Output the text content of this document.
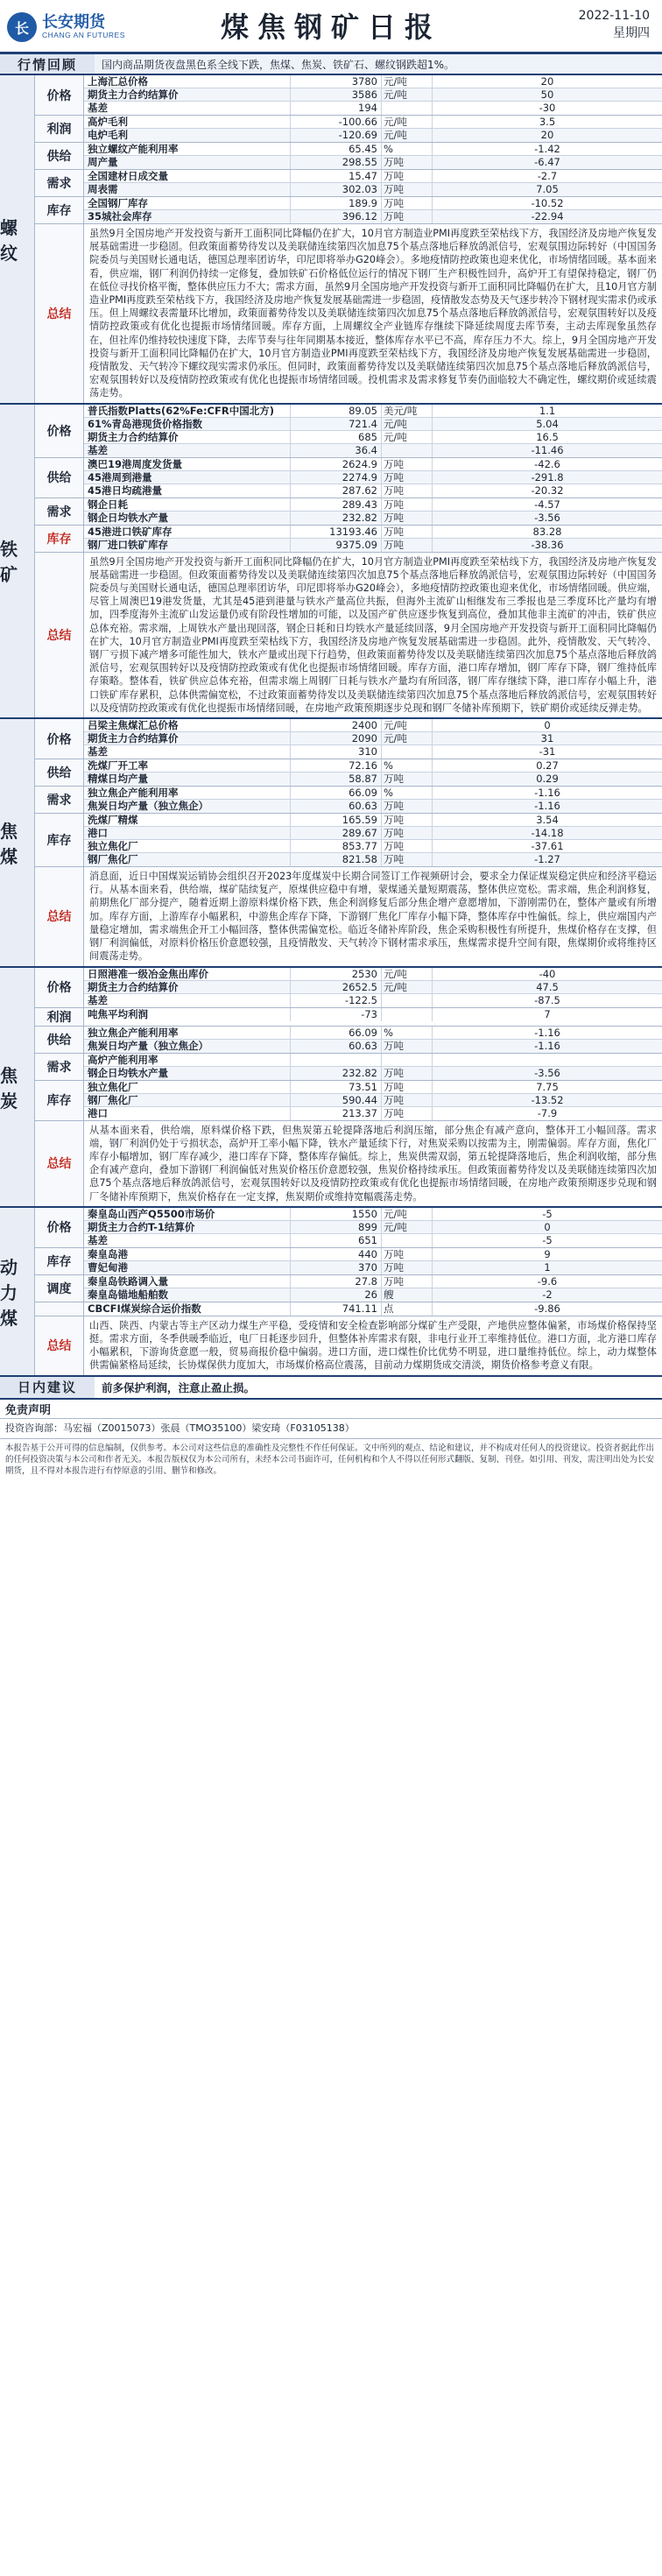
长 长安期货
CHANG AN FUTURES	煤焦钢矿日报	2022-11-10
星期四
行情回顾	国内商品期货夜盘黑色系全线下跌，焦煤、焦炭、铁矿石、螺纹钢跌超1%。
螺纹
价格
上海汇总价格	3780 元/吨	20
期货主力合约结算价	3586 元/吨	50
基差	194	-30
利润
高炉毛利	-100.66 元/吨	3.5
电炉毛利	-120.69 元/吨	20
供给
独立螺纹产能利用率	65.45 %	-1.42
周产量	298.55 万吨	-6.47
需求
全国建材日成交量	15.47 万吨	-2.7
周表需	302.03 万吨	7.05
库存
全国钢厂库存	189.9 万吨	-10.52
35城社会库存	396.12 万吨	-22.94
总结
虽然9月全国房地产开发投资与新开工面积同比降幅仍在扩大，10月官方制造业PMI再度跌至荣枯线下方，我国经济及房地产恢复发展基础需进一步稳固。但政策面蓄势待发以及美联储连续第四次加息75个基点落地后释放鸽派信号，宏观氛围边际转好（中国国务院委员与美国财长通电话，德国总理率团访华，印尼即将举办G20峰会）。多地疫情防控政策也迎来优化，市场情绪回暖。基本面来看，供应端，钢厂利润仍持续一定修复，叠加铁矿石价格低位运行的情况下钢厂生产积极性回升，高炉开工有望保持稳定，钢厂仍在低位寻找价格平衡，整体供应压力不大；需求方面，虽然9月全国房地产开发投资与新开工面积同比降幅仍在扩大，且10月官方制造业PMI再度跌至荣枯线下方，我国经济及房地产恢复发展基础需进一步稳固，疫情散发态势及天气逐步转冷下钢材现实需求仍或承压。但上周螺纹表需量环比增加，政策面蓄势待发以及美联储连续第四次加息75个基点落地后释放鸽派信号，宏观氛围转好以及疫情防控政策或有优化也提振市场情绪回暖。库存方面，上周螺纹全产业链库存继续下降延续周度去库节奏，主动去库现象虽然存在，但社库仍维持较快速度下降，去库节奏与往年同期基本接近，整体库存水平已不高，库存压力不大。综上，9月全国房地产开发投资与新开工面积同比降幅仍在扩大，10月官方制造业PMI再度跌至荣枯线下方，我国经济及房地产恢复发展基础需进一步稳固，疫情散发、天气转冷下螺纹现实需求仍承压。但同时，政策面蓄势待发以及美联储连续第四次加息75个基点落地后释放鸽派信号，宏观氛围转好以及疫情防控政策或有优化也提振市场情绪回暖。投机需求及需求修复节奏仍面临较大不确定性，螺纹期价或延续震荡走势。
铁矿
价格
普氏指数Platts(62%Fe:CFR中国北方)	89.05 美元/吨	1.1
61%青岛港现货价格指数	721.4 元/吨	5.04
期货主力合约结算价	685 元/吨	16.5
基差	36.4	-11.46
供给
澳巴19港周度发货量	2624.9 万吨	-42.6
45港周到港量	2274.9 万吨	-291.8
45港日均疏港量	287.62 万吨	-20.32
需求
钢企日耗	289.43 万吨	-4.57
钢企日均铁水产量	232.82 万吨	-3.56
库存
45港进口铁矿库存	13193.46 万吨	83.28
钢厂进口铁矿库存	9375.09 万吨	-38.36
总结
虽然9月全国房地产开发投资与新开工面积同比降幅仍在扩大，10月官方制造业PMI再度跌至荣枯线下方，我国经济及房地产恢复发展基础需进一步稳固。但政策面蓄势待发以及美联储连续第四次加息75个基点落地后释放鸽派信号，宏观氛围边际转好（中国国务院委员与美国财长通电话，德国总理率团访华，印尼即将举办G20峰会），多地疫情防控政策也迎来优化，市场情绪回暖。供应端，尽管上周澳巴19港发货量，尤其是45港到港量与铁水产量高位共振，但海外主流矿山相继发布三季报也是三季度环比产量均有增加，四季度海外主流矿山发运量仍或有阶段性增加的可能，以及国产矿供应逐步恢复到高位，叠加其他非主流矿的冲击，铁矿供应总体充裕。需求端，上周铁水产量出现回落，钢企日耗和日均铁水产量延续回落，9月全国房地产开发投资与新开工面积同比降幅仍在扩大，10月官方制造业PMI再度跌至荣枯线下方，我国经济及房地产恢复发展基础需进一步稳固。此外，疫情散发、天气转冷、钢厂亏损下减产增多可能性加大，铁水产量或出现下行趋势，但政策面蓄势待发以及美联储连续第四次加息75个基点落地后释放鸽派信号，宏观氛围转好以及疫情防控政策或有优化也提振市场情绪回暖。库存方面，港口库存增加，钢厂库存下降，钢厂维持低库存策略。整体看，铁矿供应总体充裕，但需求端上周钢厂日耗与铁水产量均有所回落，钢厂库存继续下降，港口库存小幅上升，港口铁矿库存累积，总体供需偏宽松，不过政策面蓄势待发以及美联储连续第四次加息75个基点落地后释放鸽派信号，宏观氛围转好以及疫情防控政策或有优化也提振市场情绪回暖，在房地产政策预期逐步兑现和钢厂冬储补库预期下，铁矿期价或延续反弹走势。
焦煤
价格
吕梁主焦煤汇总价格	2400 元/吨	0
期货主力合约结算价	2090 元/吨	31
基差	310	-31
供给
洗煤厂开工率	72.16 %	0.27
精煤日均产量	58.87 万吨	0.29
需求
独立焦企产能利用率	66.09 %	-1.16
焦炭日均产量（独立焦企）	60.63 万吨	-1.16
库存
洗煤厂精煤	165.59 万吨	3.54
港口	289.67 万吨	-14.18
独立焦化厂	853.77 万吨	-37.61
钢厂焦化厂	821.58 万吨	-1.27
总结
消息面，近日中国煤炭运销协会组织召开2023年度煤炭中长期合同签订工作视频研讨会，要求全力保证煤炭稳定供应和经济平稳运行。从基本面来看，供给端，煤矿陆续复产，原煤供应稳中有增，蒙煤通关量短期震荡，整体供应宽松。需求端，焦企利润修复，前期焦化厂部分提产，随着近期上游原料煤价格下跌，焦企利润修复后部分焦企增产意愿增加，下游刚需仍在，整体产量或有所增加。库存方面，上游库存小幅累积，中游焦企库存下降，下游钢厂焦化厂库存小幅下降，整体库存中性偏低。综上，供应端国内产量稳定增加，需求端焦企开工小幅回落，整体供需偏宽松。临近冬储补库阶段，焦企采购积极性有所提升，焦煤价格存在支撑，但钢厂利润偏低，对原料价格压价意愿较强，且疫情散发、天气转冷下钢材需求承压，焦煤需求提升空间有限，焦煤期价或将维持区间震荡走势。
焦炭
价格
日照港准一级冶金焦出库价	2530 元/吨	-40
期货主力合约结算价	2652.5 元/吨	47.5
基差	-122.5	-87.5
利润	吨焦平均利润	-73	7
供给
独立焦企产能利用率	66.09 %	-1.16
焦炭日均产量（独立焦企）	60.63 万吨	-1.16
需求
高炉产能利用率
钢企日均铁水产量	232.82 万吨	-3.56
库存
独立焦化厂	73.51 万吨	7.75
钢厂焦化厂	590.44 万吨	-13.52
港口	213.37 万吨	-7.9
总结
从基本面来看，供给端，原料煤价格下跌，但焦炭第五轮提降落地后利润压缩，部分焦企有减产意向，整体开工小幅回落。需求端，钢厂利润仍处于亏损状态，高炉开工率小幅下降，铁水产量延续下行，对焦炭采购以按需为主，刚需偏弱。库存方面，焦化厂库存小幅增加，钢厂库存减少，港口库存下降，整体库存偏低。综上，焦炭供需双弱，第五轮提降落地后，焦企利润收缩，部分焦企有减产意向，叠加下游钢厂利润偏低对焦炭价格压价意愿较强，焦炭价格持续承压。但政策面蓄势待发以及美联储连续第四次加息75个基点落地后释放鸽派信号，宏观氛围转好以及疫情防控政策或有优化也提振市场情绪回暖，在房地产政策预期逐步兑现和钢厂冬储补库预期下，焦炭价格存在一定支撑，焦炭期价或维持宽幅震荡走势。
动力煤
价格
秦皇岛山西产Q5500市场价	1550 元/吨	-5
期货主力合约T-1结算价	899 元/吨	0
基差	651	-5
库存
秦皇岛港	440 万吨	9
曹妃甸港	370 万吨	1
调度
秦皇岛铁路调入量	27.8 万吨	-9.6
秦皇岛锚地船舶数	26 艘	-2
CBCFI煤炭综合运价指数	741.11 点	-9.86
总结
山西、陕西、内蒙古等主产区动力煤生产平稳，受疫情和安全检查影响部分煤矿生产受限，产地供应整体偏紧，市场煤价格保持坚挺。需求方面，冬季供暖季临近，电厂日耗逐步回升，但整体补库需求有限，非电行业开工率维持低位。港口方面，北方港口库存小幅累积，下游询货意愿一般，贸易商报价稳中偏弱。进口方面，进口煤性价比优势不明显，进口量维持低位。综上，动力煤整体供需偏紧格局延续，长协煤保供力度加大，市场煤价格高位震荡，目前动力煤期货成交清淡，期货价格参考意义有限。
日内建议	前多保护利润，注意止盈止损。
免责声明
投资咨询部：马宏福（Z0015073）张晨（TMO35100）梁安琦（F03105138）
本报告基于公开可得的信息编制，仅供参考。本公司对这些信息的准确性及完整性不作任何保证。文中所列的观点、结论和建议，并不构成对任何人的投资建议。投资者据此作出的任何投资决策与本公司和作者无关。本报告版权仅为本公司所有，未经本公司书面许可，任何机构和个人不得以任何形式翻版、复制、刊登。如引用、刊发，需注明出处为长安期货，且不得对本报告进行有悖原意的引用、删节和修改。
